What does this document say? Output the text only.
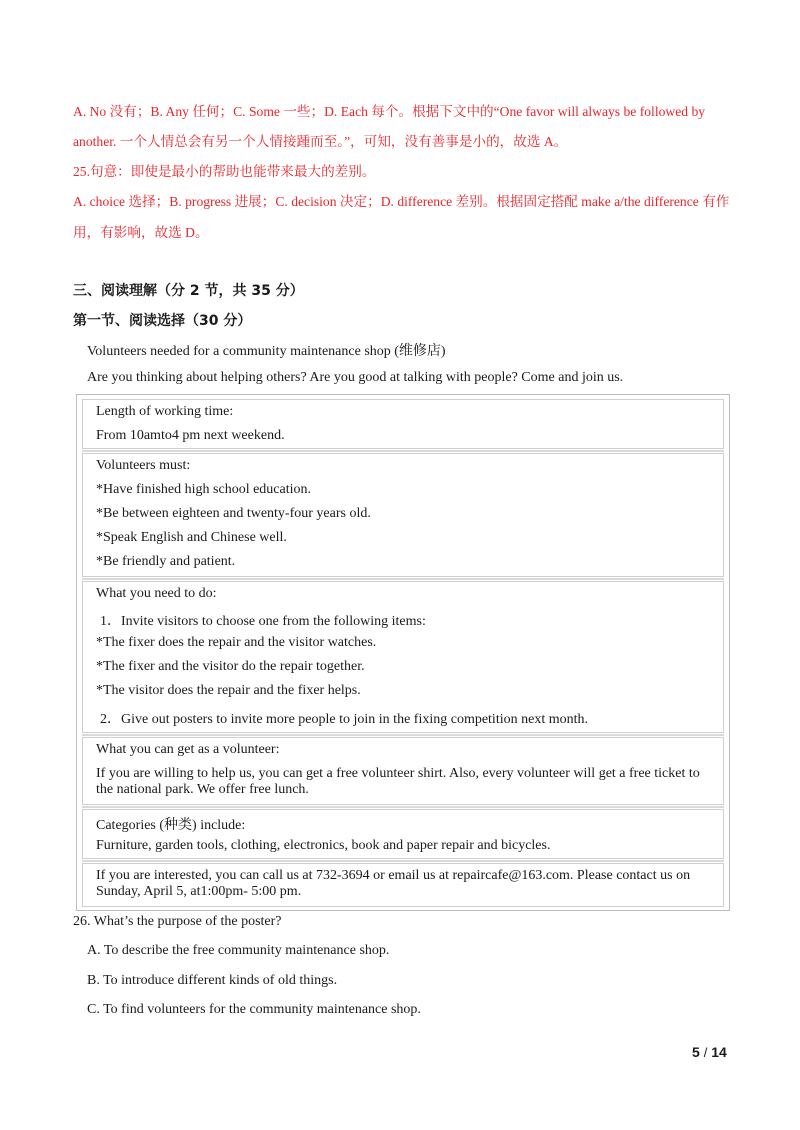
A. No 没有；B. Any 任何；C. Some 一些；D. Each 每个。根据下文中的“One favor will always be followed by
another. 一个人情总会有另一个人情接踵而至。”，可知，没有善事是小的，故选 A。
25.句意：即使是最小的帮助也能带来最大的差别。
A. choice 选择；B. progress 进展；C. decision 决定；D. difference 差别。根据固定搭配 make a/the difference 有作
用，有影响，故选 D。
三、阅读理解（分 2 节，共 35 分）
第一节、阅读选择（30 分）
Volunteers needed for a community maintenance shop (维修店)
Are you thinking about helping others? Are you good at talking with people? Come and join us.
Length of working time:
From 10amto4 pm next weekend.
Volunteers must:
*Have finished high school education.
*Be between eighteen and twenty-four years old.
*Speak English and Chinese well.
*Be friendly and patient.
What you need to do:
1．Invite visitors to choose one from the following items:
*The fixer does the repair and the visitor watches.
*The fixer and the visitor do the repair together.
*The visitor does the repair and the fixer helps.
2．Give out posters to invite more people to join in the fixing competition next month.
What you can get as a volunteer:
If you are willing to help us, you can get a free volunteer shirt. Also, every volunteer will get a free ticket to the national park. We offer free lunch.
Categories (种类) include:
Furniture, garden tools, clothing, electronics, book and paper repair and bicycles.
If you are interested, you can call us at 732-3694 or email us at repaircafe@163.com. Please contact us on Sunday, April 5, at1:00pm- 5:00 pm.
26. What’s the purpose of the poster?
A. To describe the free community maintenance shop.
B. To introduce different kinds of old things.
C. To find volunteers for the community maintenance shop.
5 / 14
